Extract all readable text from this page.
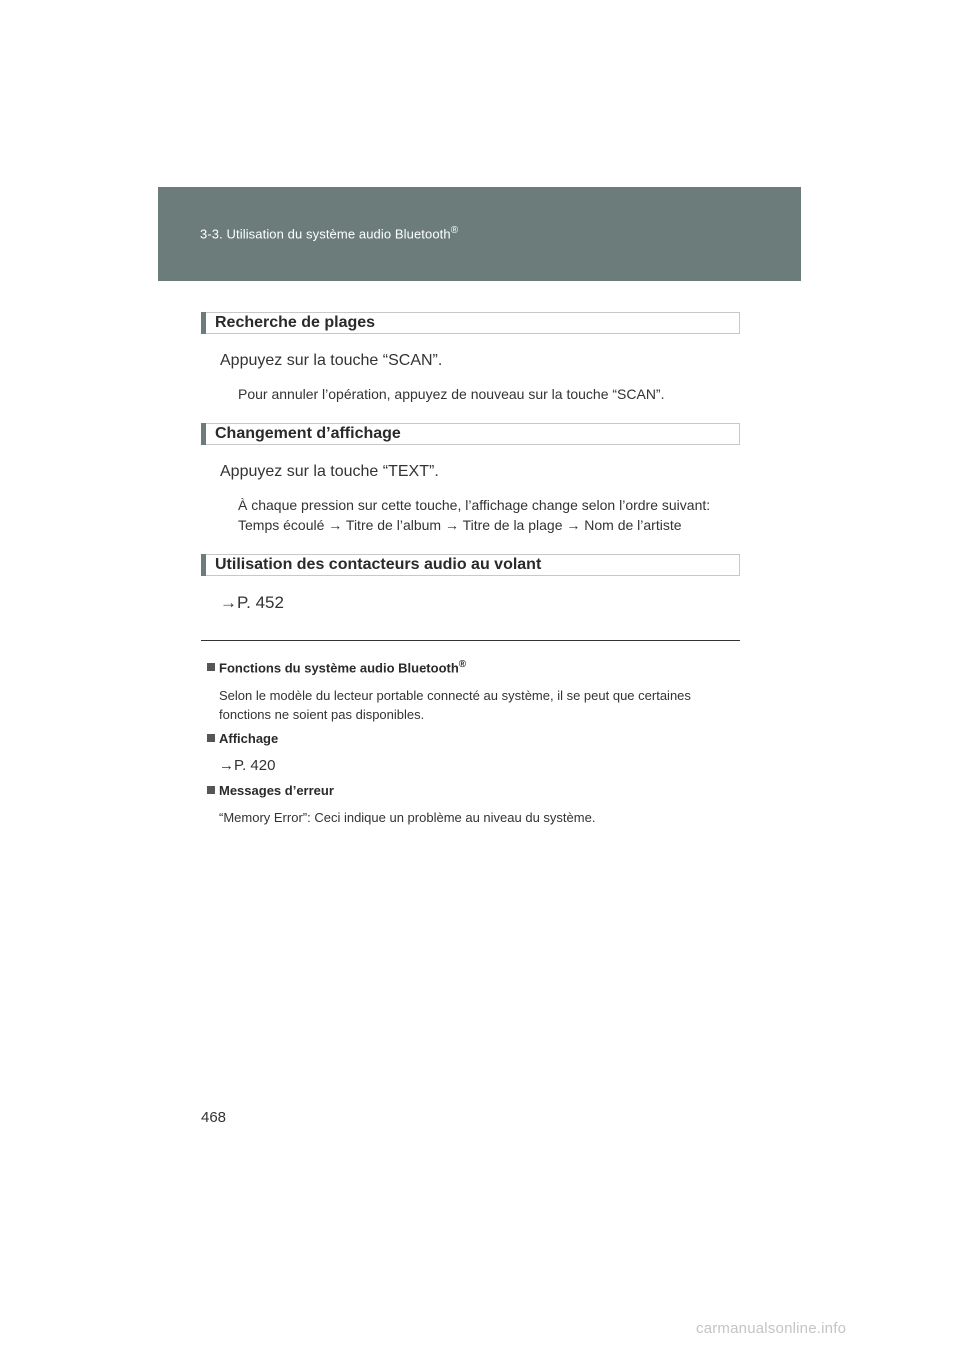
3-3. Utilisation du système audio Bluetooth®
Recherche de plages
Appuyez sur la touche “SCAN”.
Pour annuler l’opération, appuyez de nouveau sur la touche “SCAN”.
Changement d’affichage
Appuyez sur la touche “TEXT”.
À chaque pression sur cette touche, l’affichage change selon l’ordre suivant:
Temps écoulé → Titre de l’album → Titre de la plage → Nom de l’artiste
Utilisation des contacteurs audio au volant
→P. 452
Fonctions du système audio Bluetooth®
Selon le modèle du lecteur portable connecté au système, il se peut que certaines fonctions ne soient pas disponibles.
Affichage
→P. 420
Messages d’erreur
“Memory Error”: Ceci indique un problème au niveau du système.
468
carmanualsonline.info
